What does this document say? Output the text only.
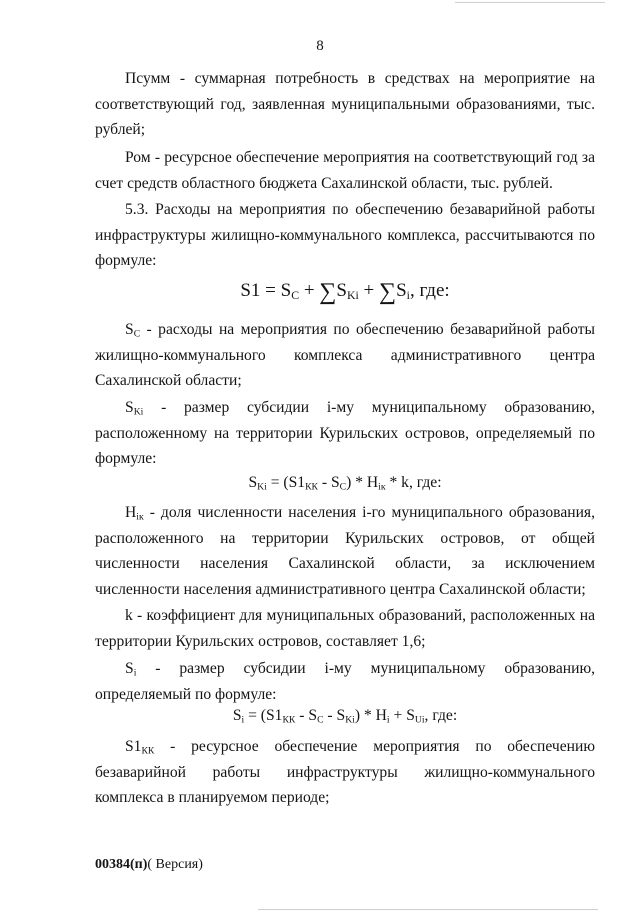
8

Псумм - суммарная потребность в средствах на мероприятие на соответствующий год, заявленная муниципальными образованиями, тыс. рублей;

Ром - ресурсное обеспечение мероприятия на соответствующий год за счет средств областного бюджета Сахалинской области, тыс. рублей.

5.3. Расходы на мероприятия по обеспечению безаварийной работы инфраструктуры жилищно-коммунального комплекса, рассчитываются по формуле:

$S1 = S_C + \sum S_{Ki} + \sum S_i$, где:

$S_C$ - расходы на мероприятия по обеспечению безаварийной работы жилищно-коммунального комплекса административного центра Сахалинской области;

$S_{Ki}$ - размер субсидии i-му муниципальному образованию, расположенному на территории Курильских островов, определяемый по формуле:

$S_{Ki} = (S1_{КК} - S_C) * H_{iк} * k$, где:

$H_{iк}$ - доля численности населения i-го муниципального образования, расположенного на территории Курильских островов, от общей численности населения Сахалинской области, за исключением численности населения административного центра Сахалинской области;

k - коэффициент для муниципальных образований, расположенных на территории Курильских островов, составляет 1,6;

$S_i$ - размер субсидии i-му муниципальному образованию, определяемый по формуле:

$S_i = (S1_{КК} - S_C - S_{Ki}) * H_i + S_{Ui}$, где:

$S1_{КК}$ - ресурсное обеспечение мероприятия по обеспечению безаварийной работы инфраструктуры жилищно-коммунального комплекса в планируемом периоде;

00384(п)( Версия)
